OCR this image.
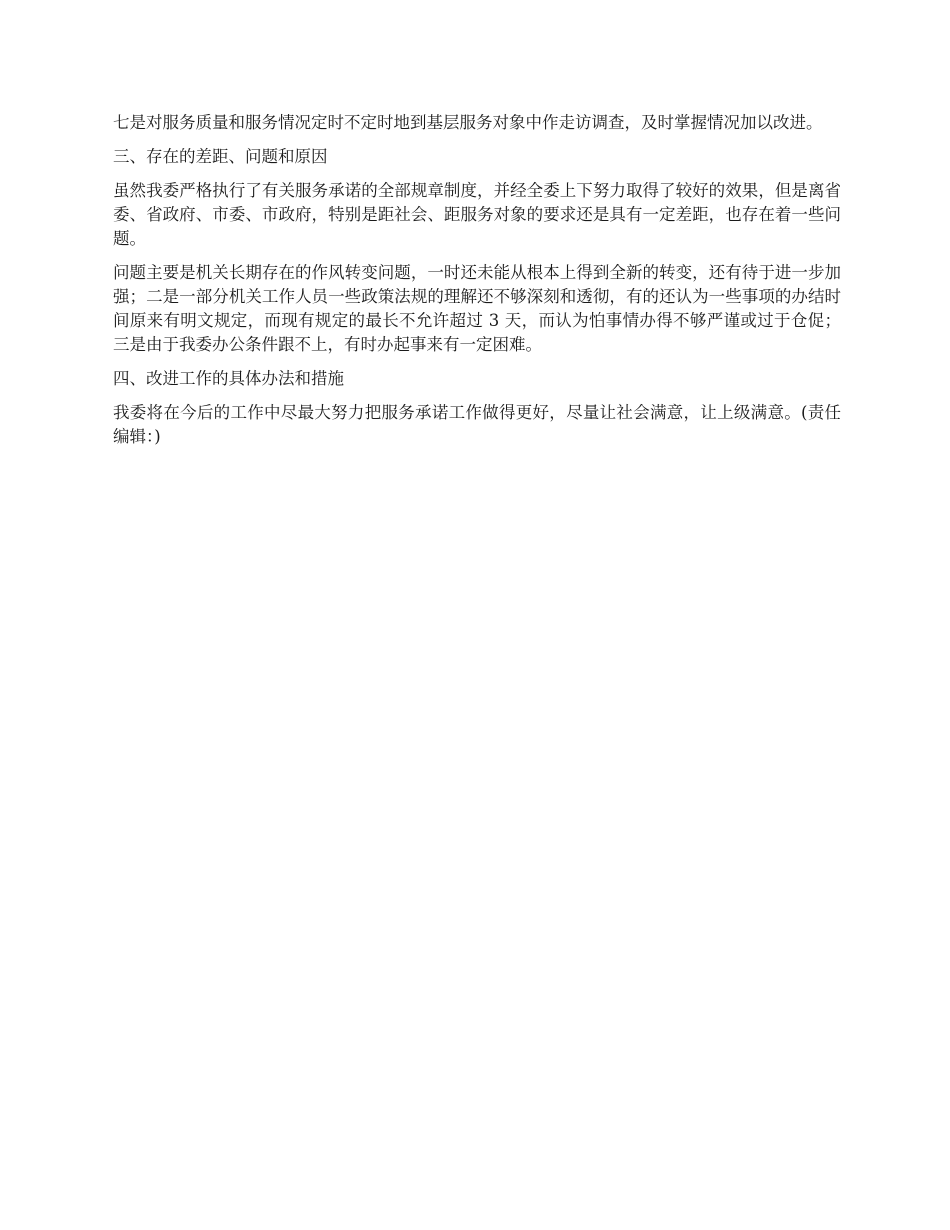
七是对服务质量和服务情况定时不定时地到基层服务对象中作走访调查，及时掌握情况加以改进。

三、存在的差距、问题和原因

虽然我委严格执行了有关服务承诺的全部规章制度，并经全委上下努力取得了较好的效果，但是离省委、省政府、市委、市政府，特别是距社会、距服务对象的要求还是具有一定差距，也存在着一些问题。

问题主要是机关长期存在的作风转变问题，一时还未能从根本上得到全新的转变，还有待于进一步加强；二是一部分机关工作人员一些政策法规的理解还不够深刻和透彻，有的还认为一些事项的办结时间原来有明文规定，而现有规定的最长不允许超过 3 天，而认为怕事情办得不够严谨或过于仓促；三是由于我委办公条件跟不上，有时办起事来有一定困难。

四、改进工作的具体办法和措施

我委将在今后的工作中尽最大努力把服务承诺工作做得更好，尽量让社会满意，让上级满意。(责任编辑：)
